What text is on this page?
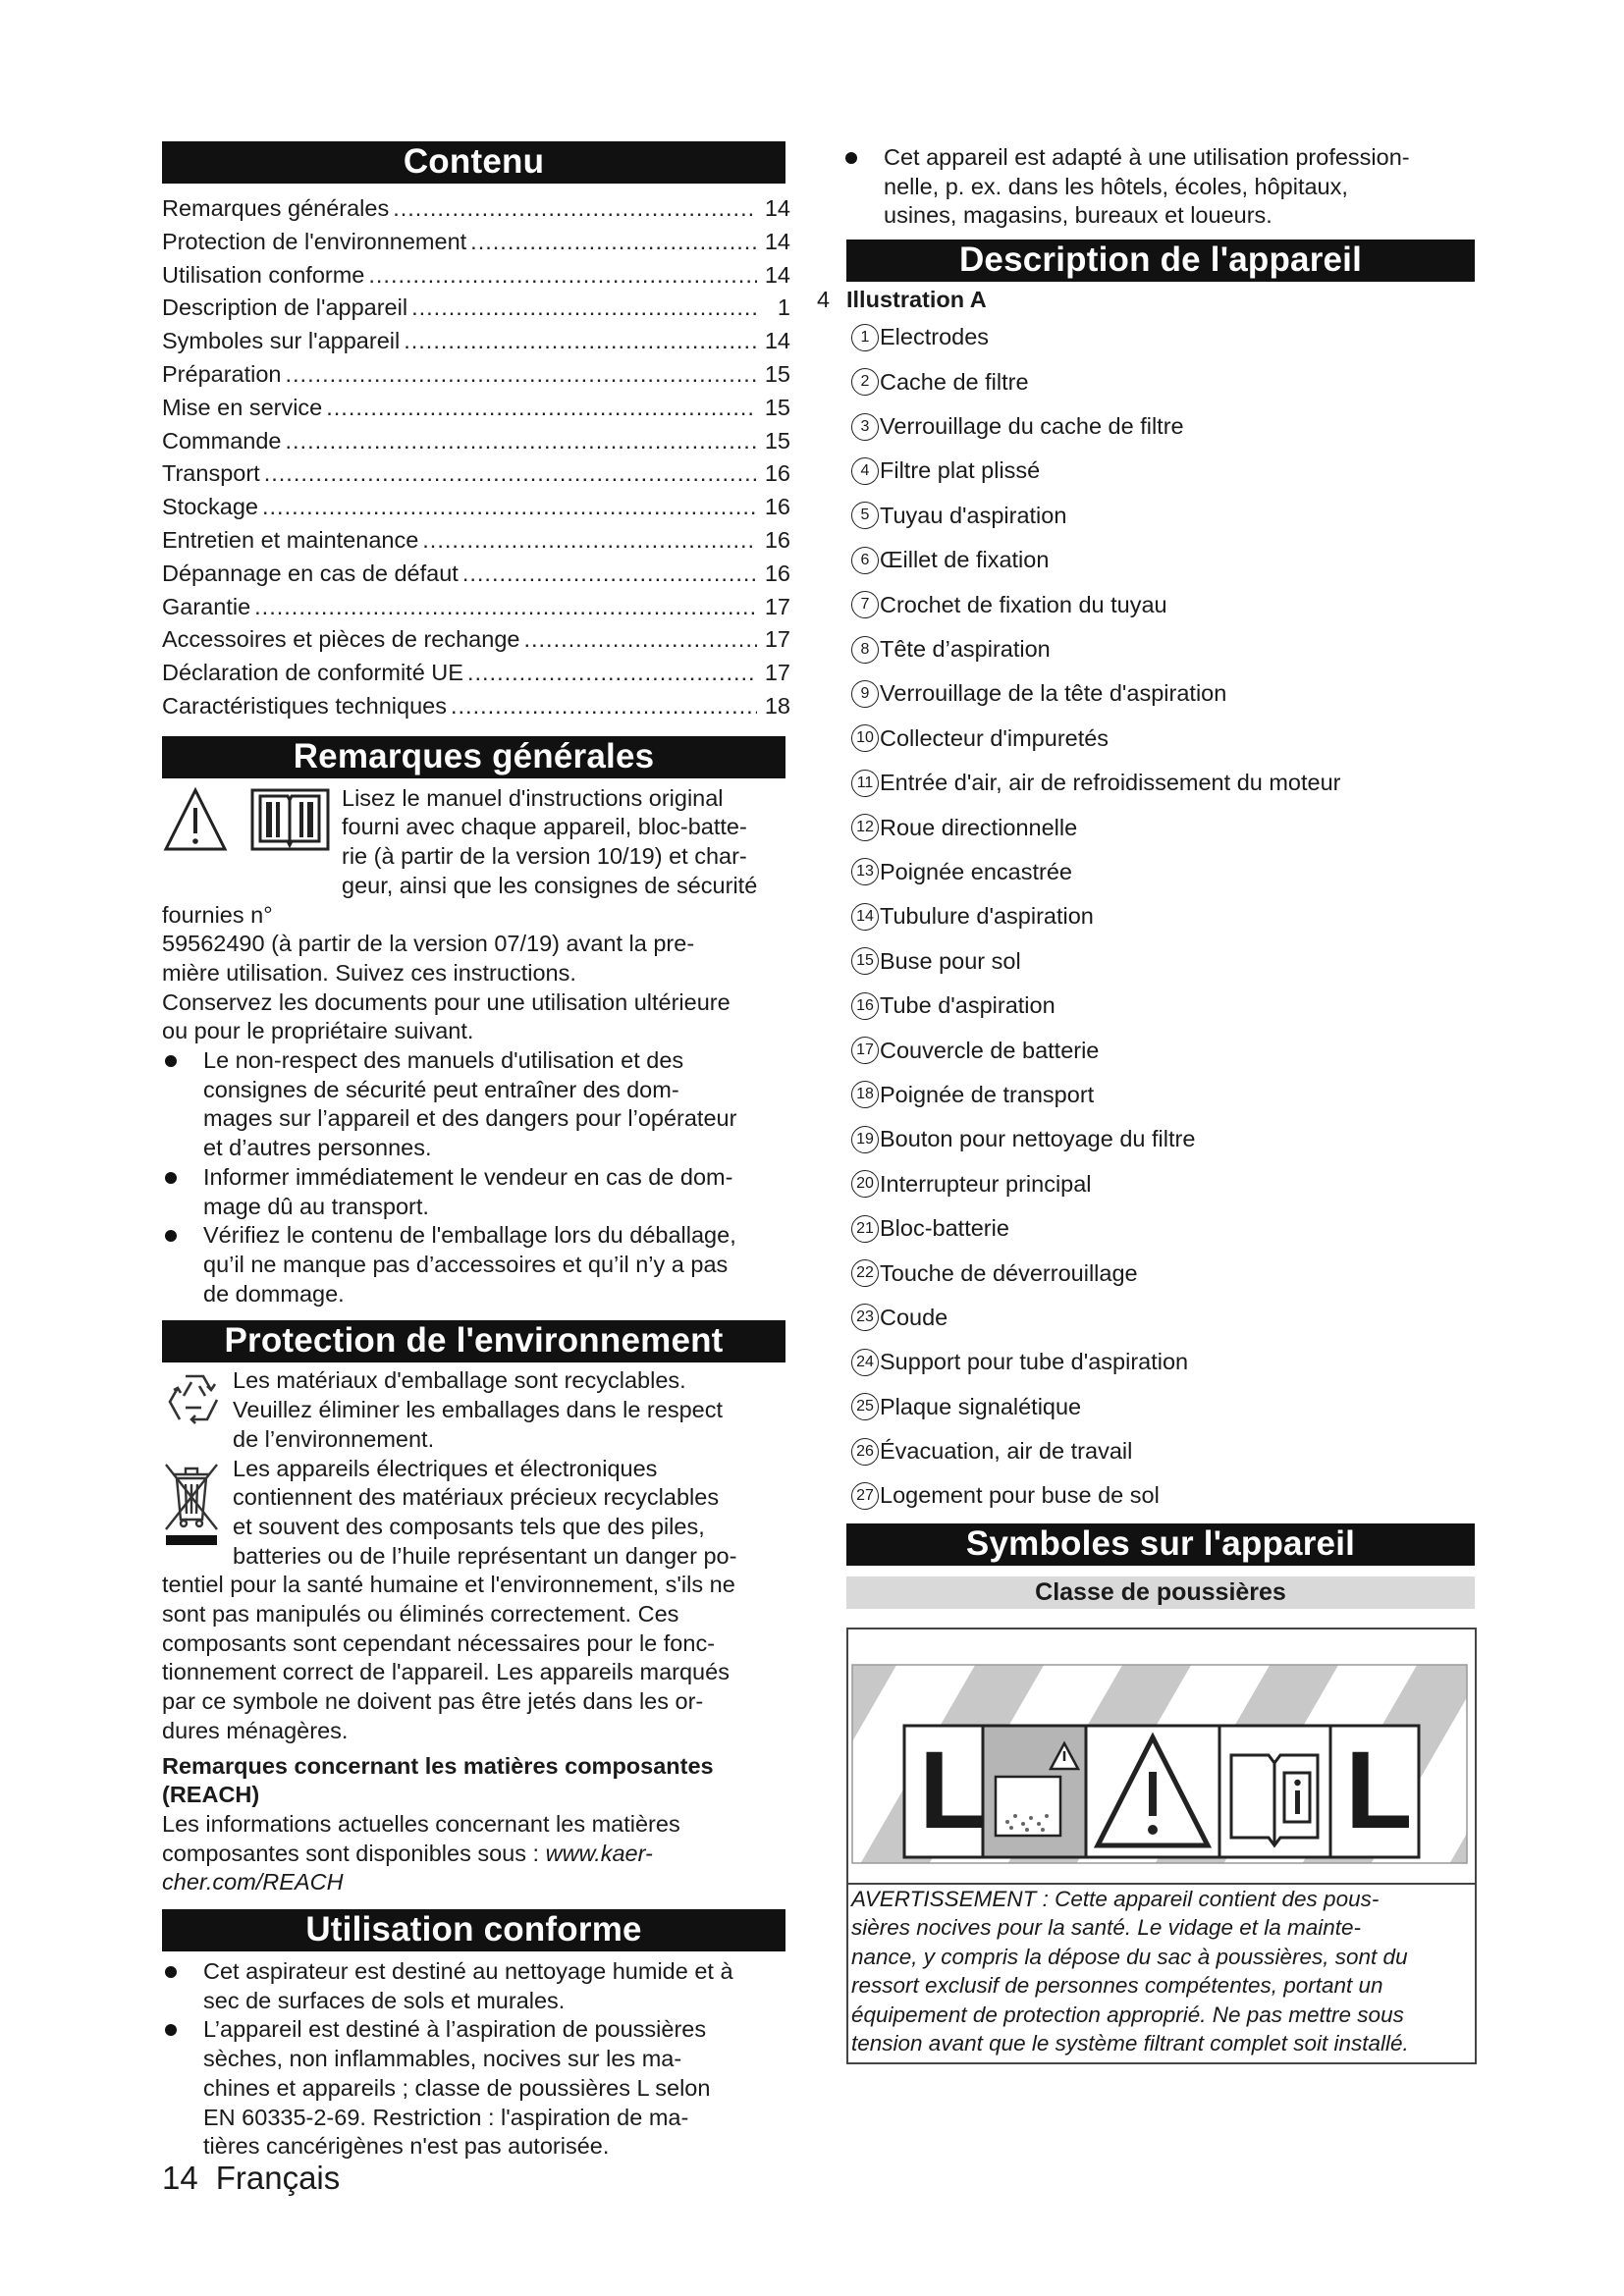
Contenu
Remarques générales .....	14
Protection de l'environnement .....	14
Utilisation conforme .....	14
Description de l'appareil .....	1
Symboles sur l'appareil .....	14
Préparation .....	15
Mise en service .....	15
Commande .....	15
Transport .....	16
Stockage .....	16
Entretien et maintenance .....	16
Dépannage en cas de défaut .....	16
Garantie .....	17
Accessoires et pièces de rechange .....	17
Déclaration de conformité UE .....	17
Caractéristiques techniques .....	18
Remarques générales
Lisez le manuel d'instructions original
fourni avec chaque appareil, bloc-batte-
rie (à partir de la version 10/19) et char-
geur, ainsi que les consignes de sécurité fournies n°
59562490 (à partir de la version 07/19) avant la pre-
mière utilisation. Suivez ces instructions.
Conservez les documents pour une utilisation ultérieure
ou pour le propriétaire suivant.
Le non-respect des manuels d'utilisation et des
consignes de sécurité peut entraîner des dom-
mages sur l’appareil et des dangers pour l’opérateur
et d’autres personnes.
Informer immédiatement le vendeur en cas de dom-
mage dû au transport.
Vérifiez le contenu de l'emballage lors du déballage,
qu’il ne manque pas d’accessoires et qu’il n’y a pas
de dommage.
Protection de l'environnement
Les matériaux d'emballage sont recyclables.
Veuillez éliminer les emballages dans le respect
de l’environnement.
Les appareils électriques et électroniques
contiennent des matériaux précieux recyclables
et souvent des composants tels que des piles,
batteries ou de l’huile représentant un danger po-
tentiel pour la santé humaine et l'environnement, s'ils ne
sont pas manipulés ou éliminés correctement. Ces
composants sont cependant nécessaires pour le fonc-
tionnement correct de l'appareil. Les appareils marqués
par ce symbole ne doivent pas être jetés dans les or-
dures ménagères.
Remarques concernant les matières composantes
(REACH)
Les informations actuelles concernant les matières
composantes sont disponibles sous : www.kaer-
cher.com/REACH
Utilisation conforme
Cet aspirateur est destiné au nettoyage humide et à
sec de surfaces de sols et murales.
L’appareil est destiné à l’aspiration de poussières
sèches, non inflammables, nocives sur les ma-
chines et appareils ; classe de poussières L selon
EN 60335-2-69. Restriction : l'aspiration de ma-
tières cancérigènes n'est pas autorisée.
Cet appareil est adapté à une utilisation profession-
nelle, p. ex. dans les hôtels, écoles, hôpitaux,
usines, magasins, bureaux et loueurs.
Description de l'appareil
4 Illustration A
1 Electrodes
2 Cache de filtre
3 Verrouillage du cache de filtre
4 Filtre plat plissé
5 Tuyau d'aspiration
6 Œillet de fixation
7 Crochet de fixation du tuyau
8 Tête d’aspiration
9 Verrouillage de la tête d'aspiration
10 Collecteur d'impuretés
11 Entrée d'air, air de refroidissement du moteur
12 Roue directionnelle
13 Poignée encastrée
14 Tubulure d'aspiration
15 Buse pour sol
16 Tube d'aspiration
17 Couvercle de batterie
18 Poignée de transport
19 Bouton pour nettoyage du filtre
20 Interrupteur principal
21 Bloc-batterie
22 Touche de déverrouillage
23 Coude
24 Support pour tube d'aspiration
25 Plaque signalétique
26 Évacuation, air de travail
27 Logement pour buse de sol
Symboles sur l'appareil
Classe de poussières
L	L
AVERTISSEMENT : Cette appareil contient des pous-
sières nocives pour la santé. Le vidage et la mainte-
nance, y compris la dépose du sac à poussières, sont du
ressort exclusif de personnes compétentes, portant un
équipement de protection approprié. Ne pas mettre sous
tension avant que le système filtrant complet soit installé.
14 Français
